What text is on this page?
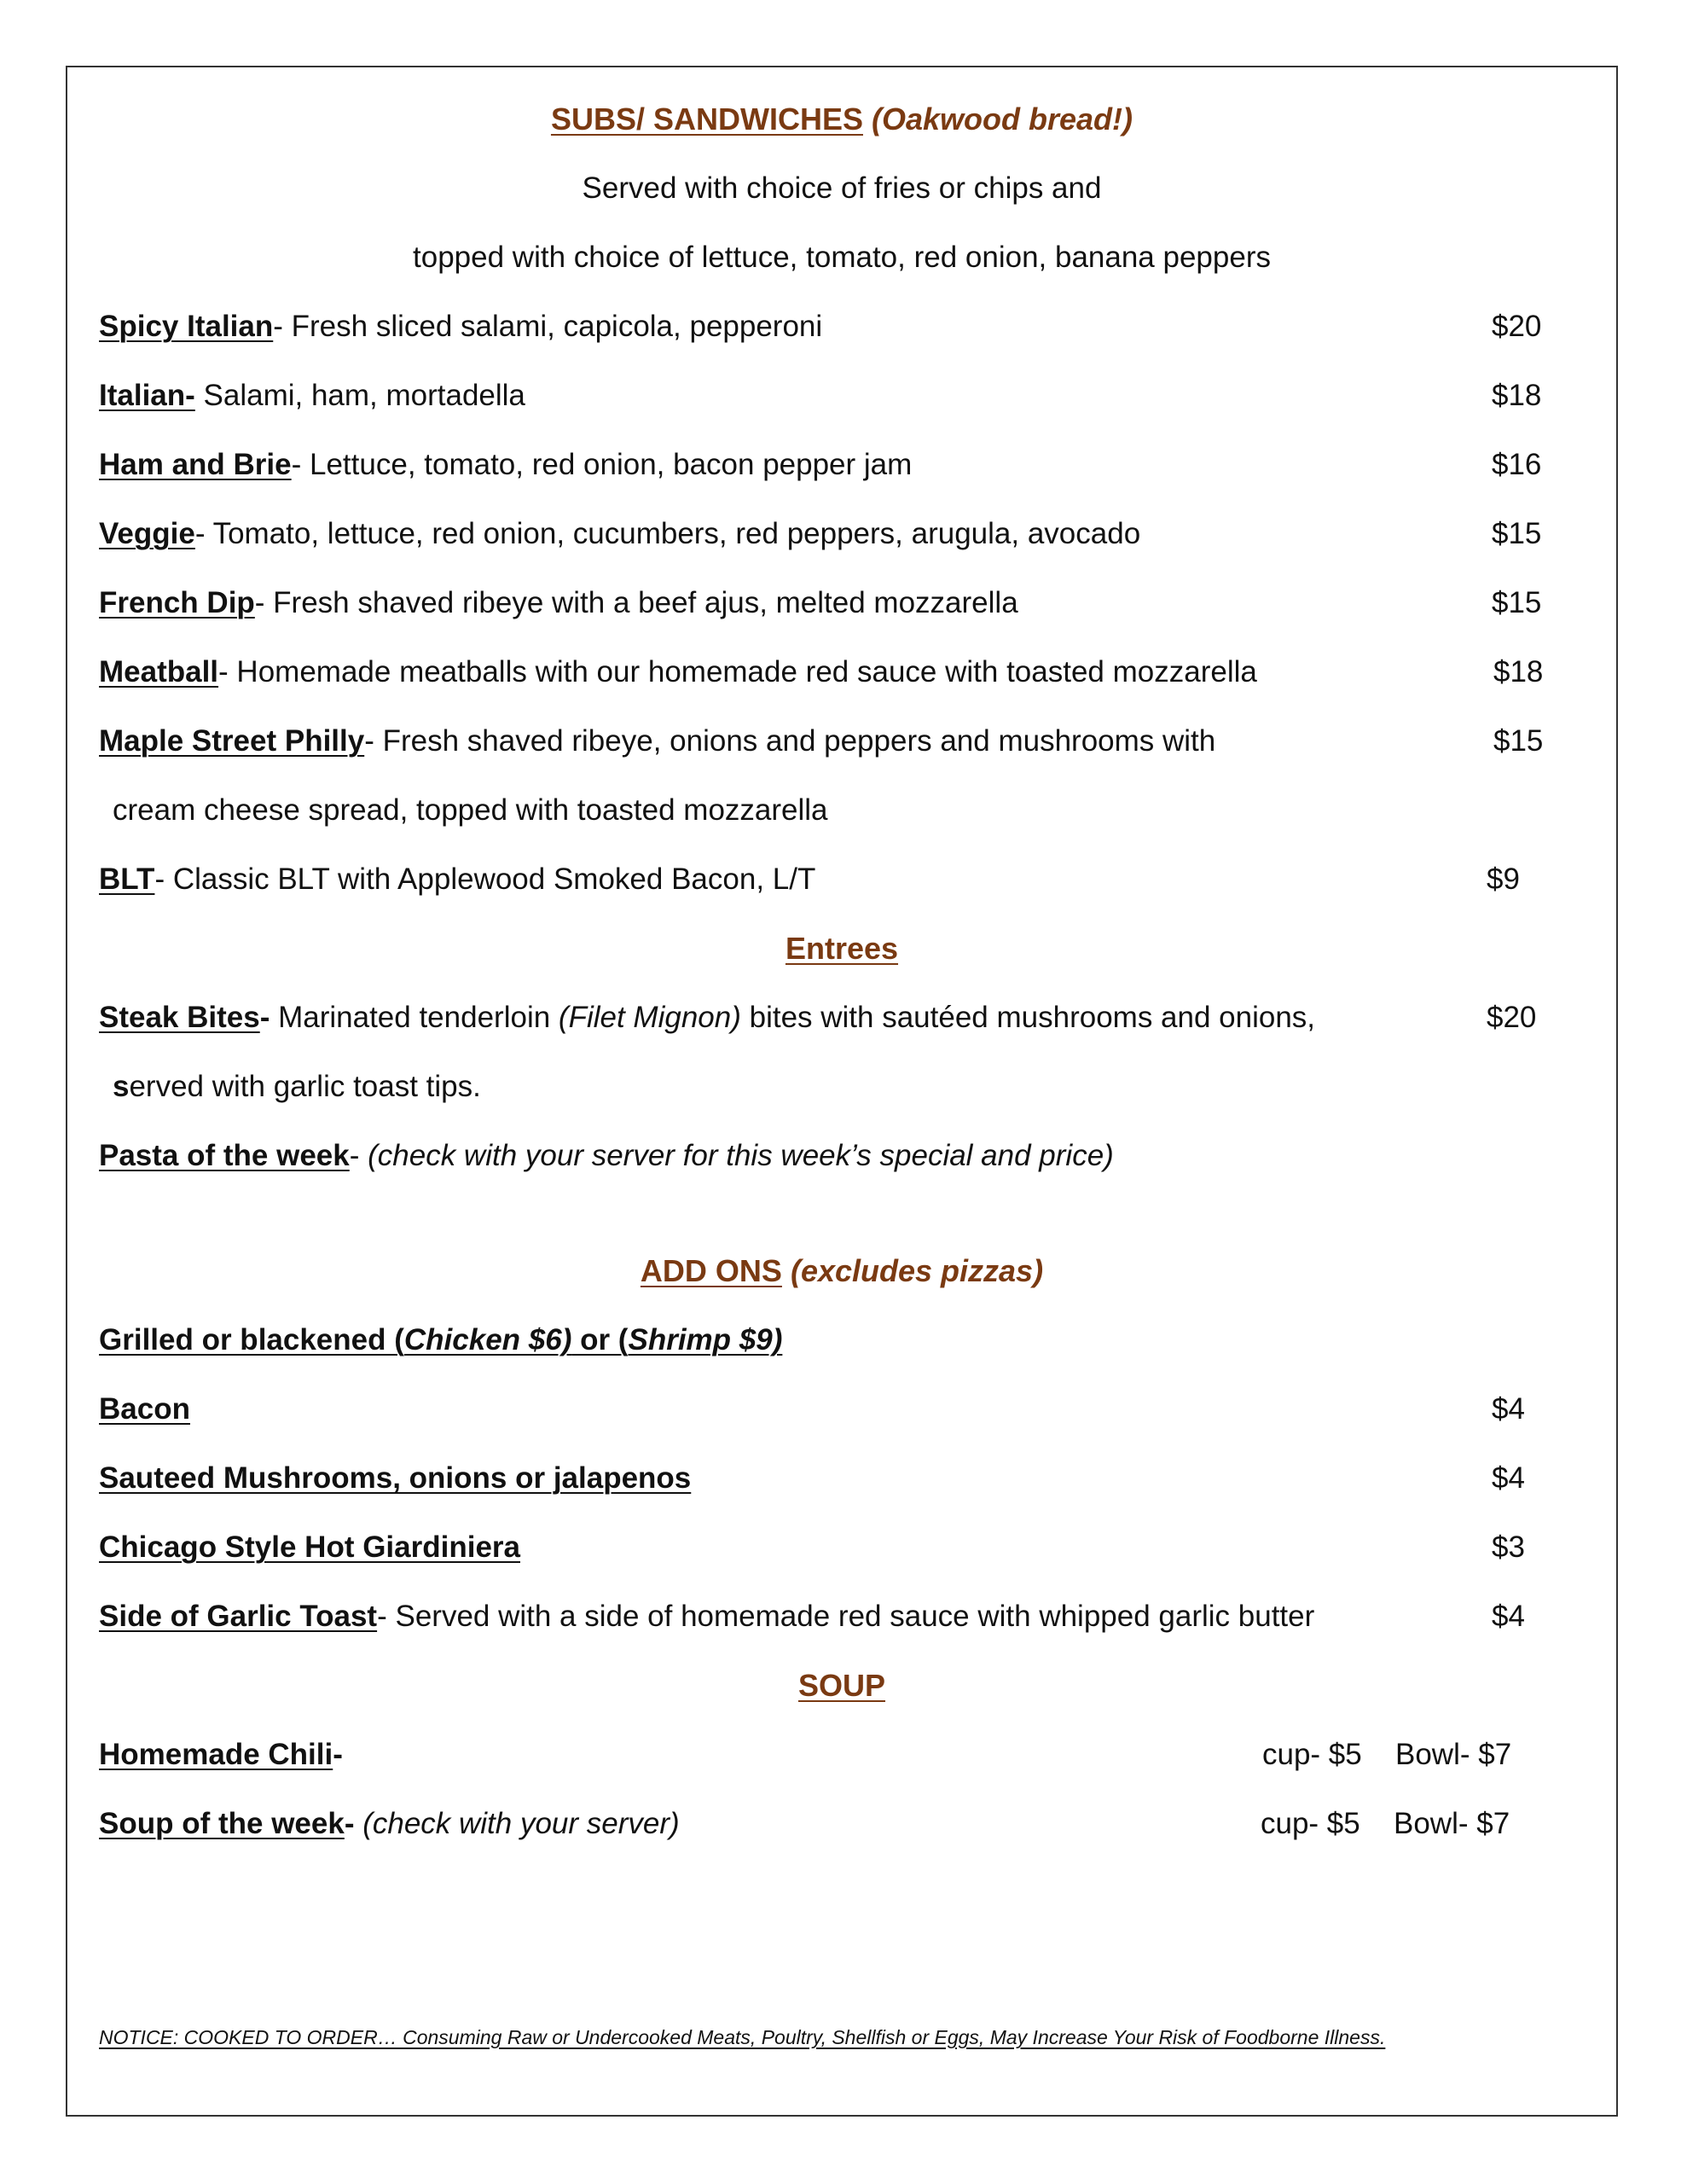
SUBS/ SANDWICHES (Oakwood bread!)
Served with choice of fries or chips and
topped with choice of lettuce, tomato, red onion, banana peppers
Spicy Italian- Fresh sliced salami, capicola, pepperoni	$20
Italian- Salami, ham, mortadella	$18
Ham and Brie- Lettuce, tomato, red onion, bacon pepper jam	$16
Veggie- Tomato, lettuce, red onion, cucumbers, red peppers, arugula, avocado	$15
French Dip- Fresh shaved ribeye with a beef ajus, melted mozzarella	$15
Meatball- Homemade meatballs with our homemade red sauce with toasted mozzarella	$18
Maple Street Philly- Fresh shaved ribeye, onions and peppers and mushrooms with	$15
cream cheese spread, topped with toasted mozzarella
BLT- Classic BLT with Applewood Smoked Bacon, L/T	$9
Entrees
Steak Bites- Marinated tenderloin (Filet Mignon) bites with sautéed mushrooms and onions,	$20
served with garlic toast tips.
Pasta of the week- (check with your server for this week’s special and price)
ADD ONS (excludes pizzas)
Grilled or blackened (Chicken $6) or (Shrimp $9)
Bacon	$4
Sauteed Mushrooms, onions or jalapenos	$4
Chicago Style Hot Giardiniera	$3
Side of Garlic Toast- Served with a side of homemade red sauce with whipped garlic butter	$4
SOUP
Homemade Chili-	cup- $5 Bowl- $7
Soup of the week- (check with your server)	cup- $5 Bowl- $7
NOTICE: COOKED TO ORDER… Consuming Raw or Undercooked Meats, Poultry, Shellfish or Eggs, May Increase Your Risk of Foodborne Illness.
